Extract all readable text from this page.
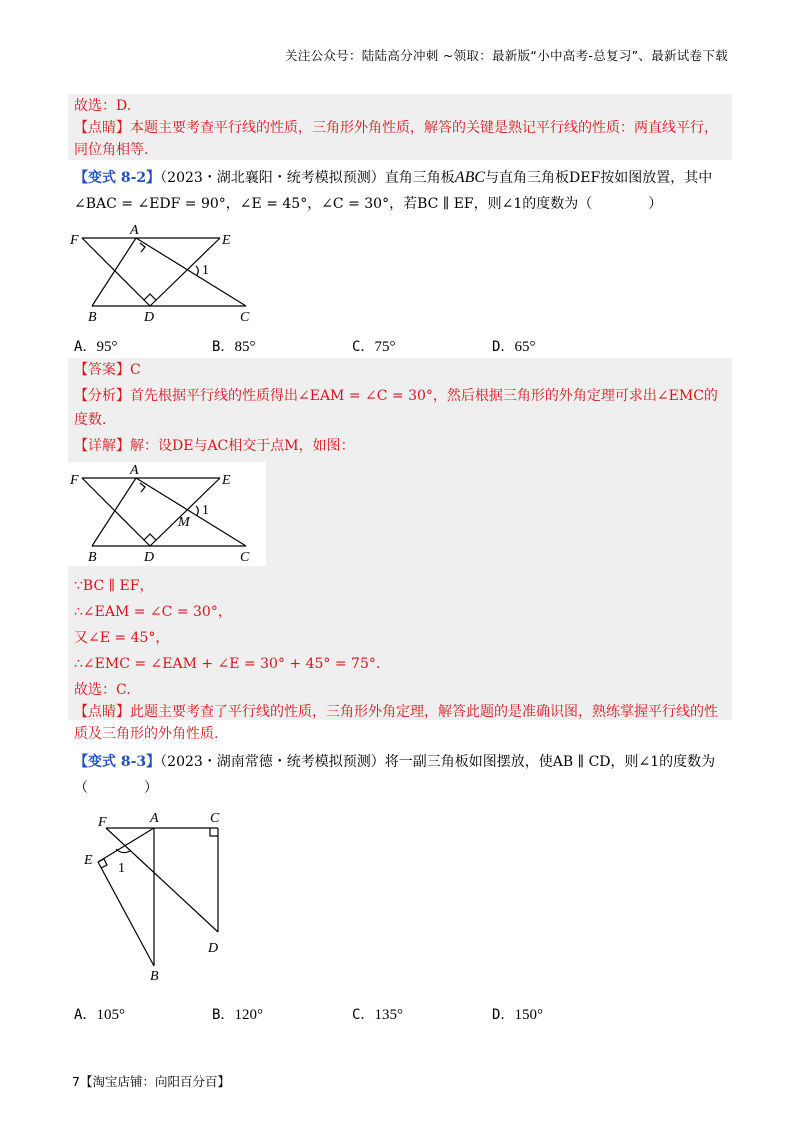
关注公众号：陆陆高分冲刺 ~领取：最新版“小中高考-总复习”、最新试卷下载
故选：D.
【点睛】本题主要考查平行线的性质，三角形外角性质，解答的关键是熟记平行线的性质：两直线平行，
同位角相等.
【变式 8-2】（2023・湖北襄阳・统考模拟预测）直角三角板ABC与直角三角板DEF按如图放置，其中
∠BAC = ∠EDF = 90°，∠E = 45°，∠C = 30°，若BC ∥ EF，则∠1的度数为（　　　　）
F
A
E
B	D	C
1
A．95°	B．85°	C．75°	D．65°
【答案】C
【分析】首先根据平行线的性质得出∠EAM = ∠C = 30°，然后根据三角形的外角定理可求出∠EMC的
度数.
【详解】解：设DE与AC相交于点M，如图：
F
A
E
B	D	C
1
M
∵BC ∥ EF，
∴∠EAM = ∠C = 30°，
又∠E = 45°，
∴∠EMC = ∠EAM + ∠E = 30° + 45° = 75°.
故选：C.
【点睛】此题主要考查了平行线的性质，三角形外角定理，解答此题的是准确识图，熟练掌握平行线的性
质及三角形的外角性质.
【变式 8-3】（2023・湖南常德・统考模拟预测）将一副三角板如图摆放，使AB ∥ CD，则∠1的度数为
（　　　　）
F	A	C
E
1
D
B
A．105°	B．120°	C．135°	D．150°
7【淘宝店铺：向阳百分百】
